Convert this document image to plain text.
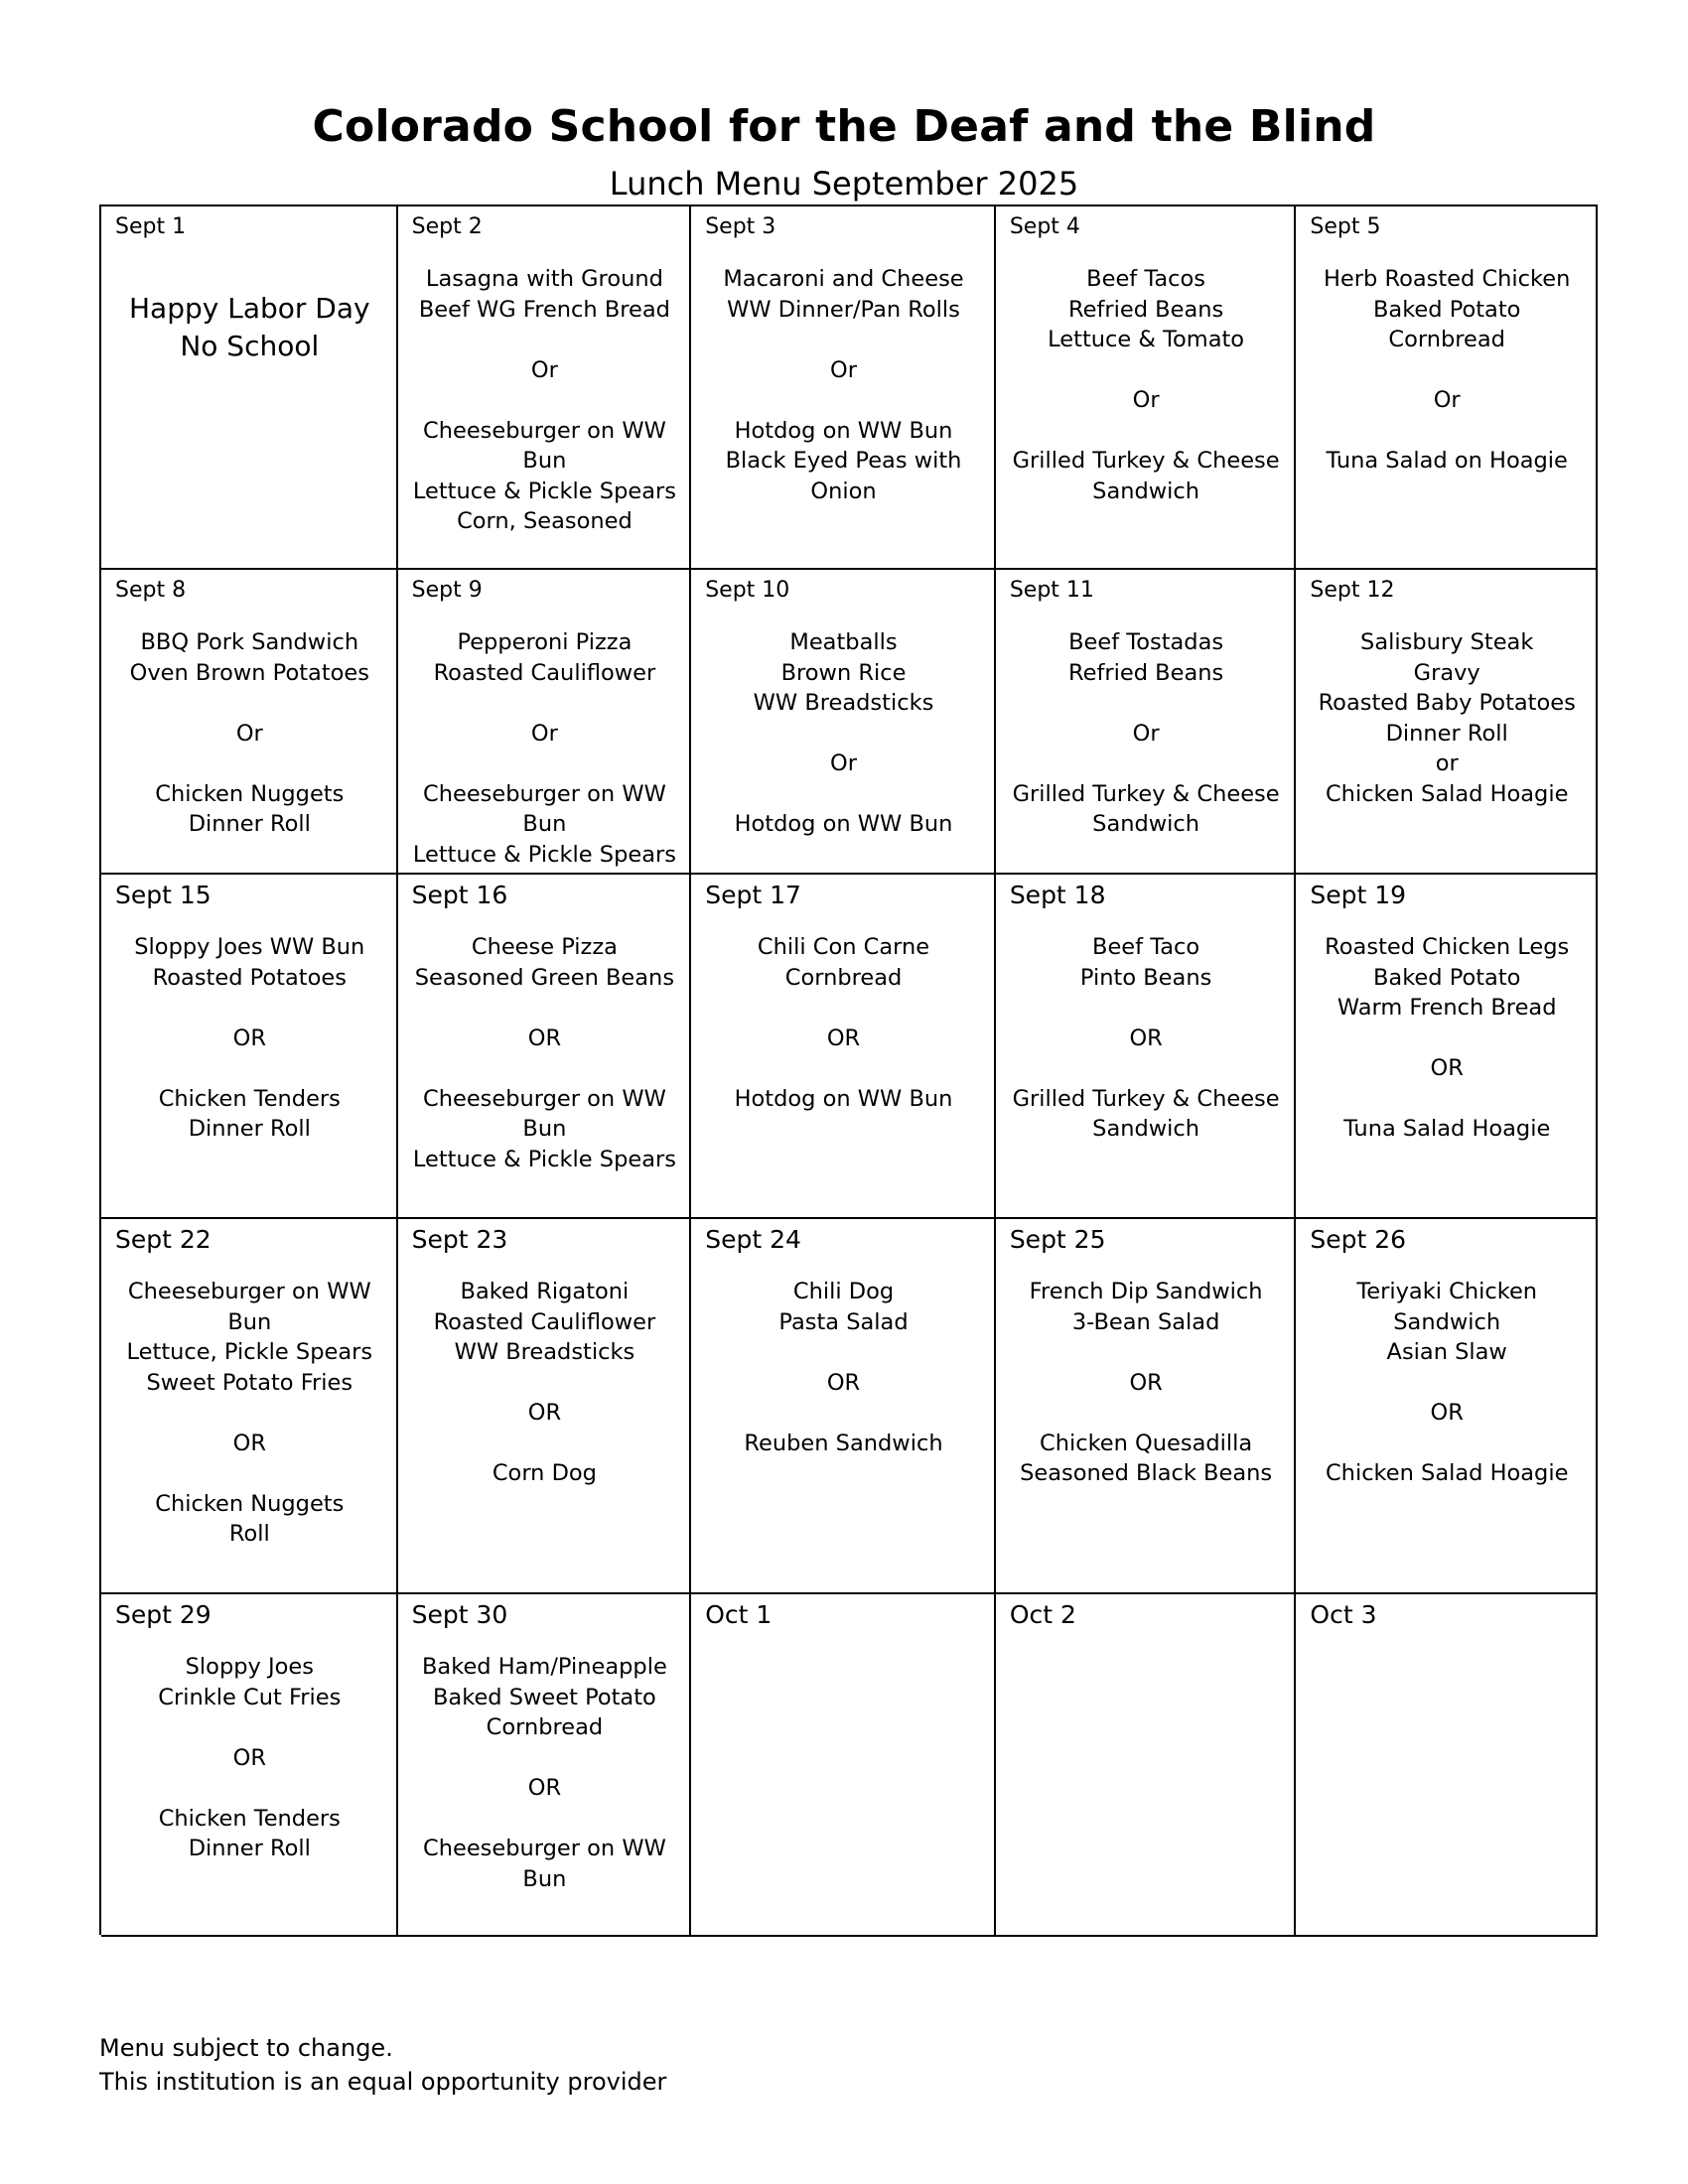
Colorado School for the Deaf and the Blind
Lunch Menu September 2025
Sept 1
Happy Labor Day
No School
Sept 2
Lasagna with Ground
Beef WG French Bread
Or
Cheeseburger on WW
Bun
Lettuce & Pickle Spears
Corn, Seasoned
Sept 3
Macaroni and Cheese
WW Dinner/Pan Rolls
Or
Hotdog on WW Bun
Black Eyed Peas with
Onion
Sept 4
Beef Tacos
Refried Beans
Lettuce & Tomato
Or
Grilled Turkey & Cheese
Sandwich
Sept 5
Herb Roasted Chicken
Baked Potato
Cornbread
Or
Tuna Salad on Hoagie
Sept 8
BBQ Pork Sandwich
Oven Brown Potatoes
Or
Chicken Nuggets
Dinner Roll
Sept 9
Pepperoni Pizza
Roasted Cauliflower
Or
Cheeseburger on WW
Bun
Lettuce & Pickle Spears
Sept 10
Meatballs
Brown Rice
WW Breadsticks
Or
Hotdog on WW Bun
Sept 11
Beef Tostadas
Refried Beans
Or
Grilled Turkey & Cheese
Sandwich
Sept 12
Salisbury Steak
Gravy
Roasted Baby Potatoes
Dinner Roll
or
Chicken Salad Hoagie
Sept 15
Sloppy Joes WW Bun
Roasted Potatoes
OR
Chicken Tenders
Dinner Roll
Sept 16
Cheese Pizza
Seasoned Green Beans
OR
Cheeseburger on WW
Bun
Lettuce & Pickle Spears
Sept 17
Chili Con Carne
Cornbread
OR
Hotdog on WW Bun
Sept 18
Beef Taco
Pinto Beans
OR
Grilled Turkey & Cheese
Sandwich
Sept 19
Roasted Chicken Legs
Baked Potato
Warm French Bread
OR
Tuna Salad Hoagie
Sept 22
Cheeseburger on WW
Bun
Lettuce, Pickle Spears
Sweet Potato Fries
OR
Chicken Nuggets
Roll
Sept 23
Baked Rigatoni
Roasted Cauliflower
WW Breadsticks
OR
Corn Dog
Sept 24
Chili Dog
Pasta Salad
OR
Reuben Sandwich
Sept 25
French Dip Sandwich
3-Bean Salad
OR
Chicken Quesadilla
Seasoned Black Beans
Sept 26
Teriyaki Chicken
Sandwich
Asian Slaw
OR
Chicken Salad Hoagie
Sept 29
Sloppy Joes
Crinkle Cut Fries
OR
Chicken Tenders
Dinner Roll
Sept 30
Baked Ham/Pineapple
Baked Sweet Potato
Cornbread
OR
Cheeseburger on WW
Bun
Oct 1	Oct 2	Oct 3
Menu subject to change.
This institution is an equal opportunity provider
